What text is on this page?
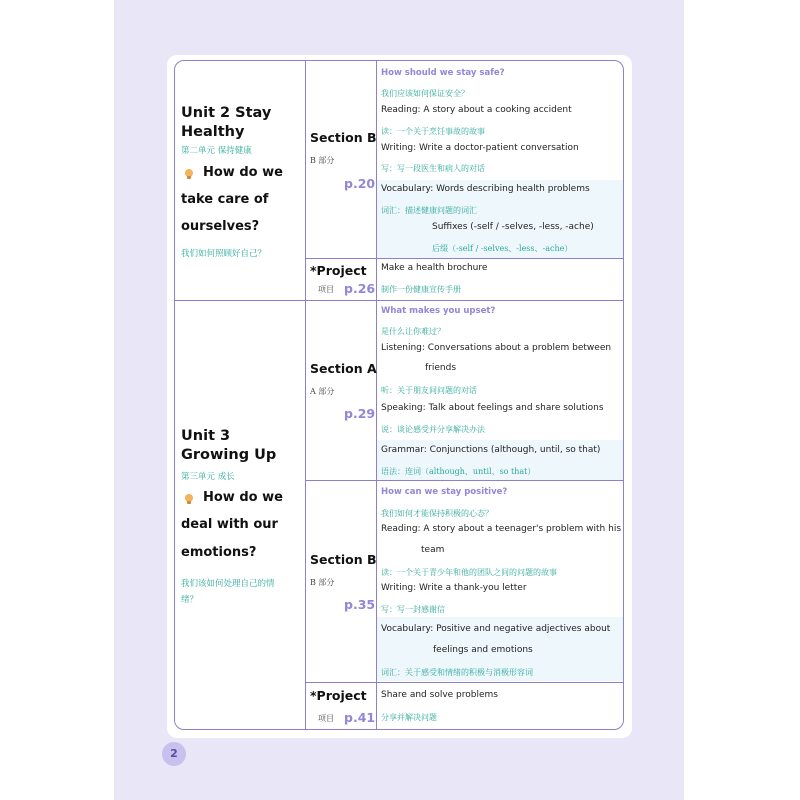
Unit 2 Stay Healthy
第二单元 保持健康
How do we
take care of
ourselves?
我们如何照顾好自己？
Section B
B 部分
p.20
How should we stay safe?
我们应该如何保证安全？
Reading: A story about a cooking accident
读：一个关于烹饪事故的故事
Writing: Write a doctor-patient conversation
写：写一段医生和病人的对话
Vocabulary: Words describing health problems
词汇：描述健康问题的词汇
Suffixes (-self / -selves, -less, -ache)
后缀（-self / -selves、-less、-ache）
*Project
项目 p.26
Make a health brochure
制作一份健康宣传手册
Unit 3 Growing Up
第三单元 成长
How do we
deal with our
emotions?
我们该如何处理自己的情
绪？
Section A
A 部分
p.29
What makes you upset?
是什么让你难过？
Listening: Conversations about a problem between
friends
听：关于朋友间问题的对话
Speaking: Talk about feelings and share solutions
说：谈论感受并分享解决办法
Grammar: Conjunctions (although, until, so that)
语法：连词（although、until、so that）
Section B
B 部分
p.35
How can we stay positive?
我们如何才能保持积极的心态？
Reading: A story about a teenager's problem with his
team
读：一个关于青少年和他的团队之间的问题的故事
Writing: Write a thank-you letter
写：写一封感谢信
Vocabulary: Positive and negative adjectives about
feelings and emotions
词汇：关于感受和情绪的积极与消极形容词
*Project
项目 p.41
Share and solve problems
分享并解决问题
2
